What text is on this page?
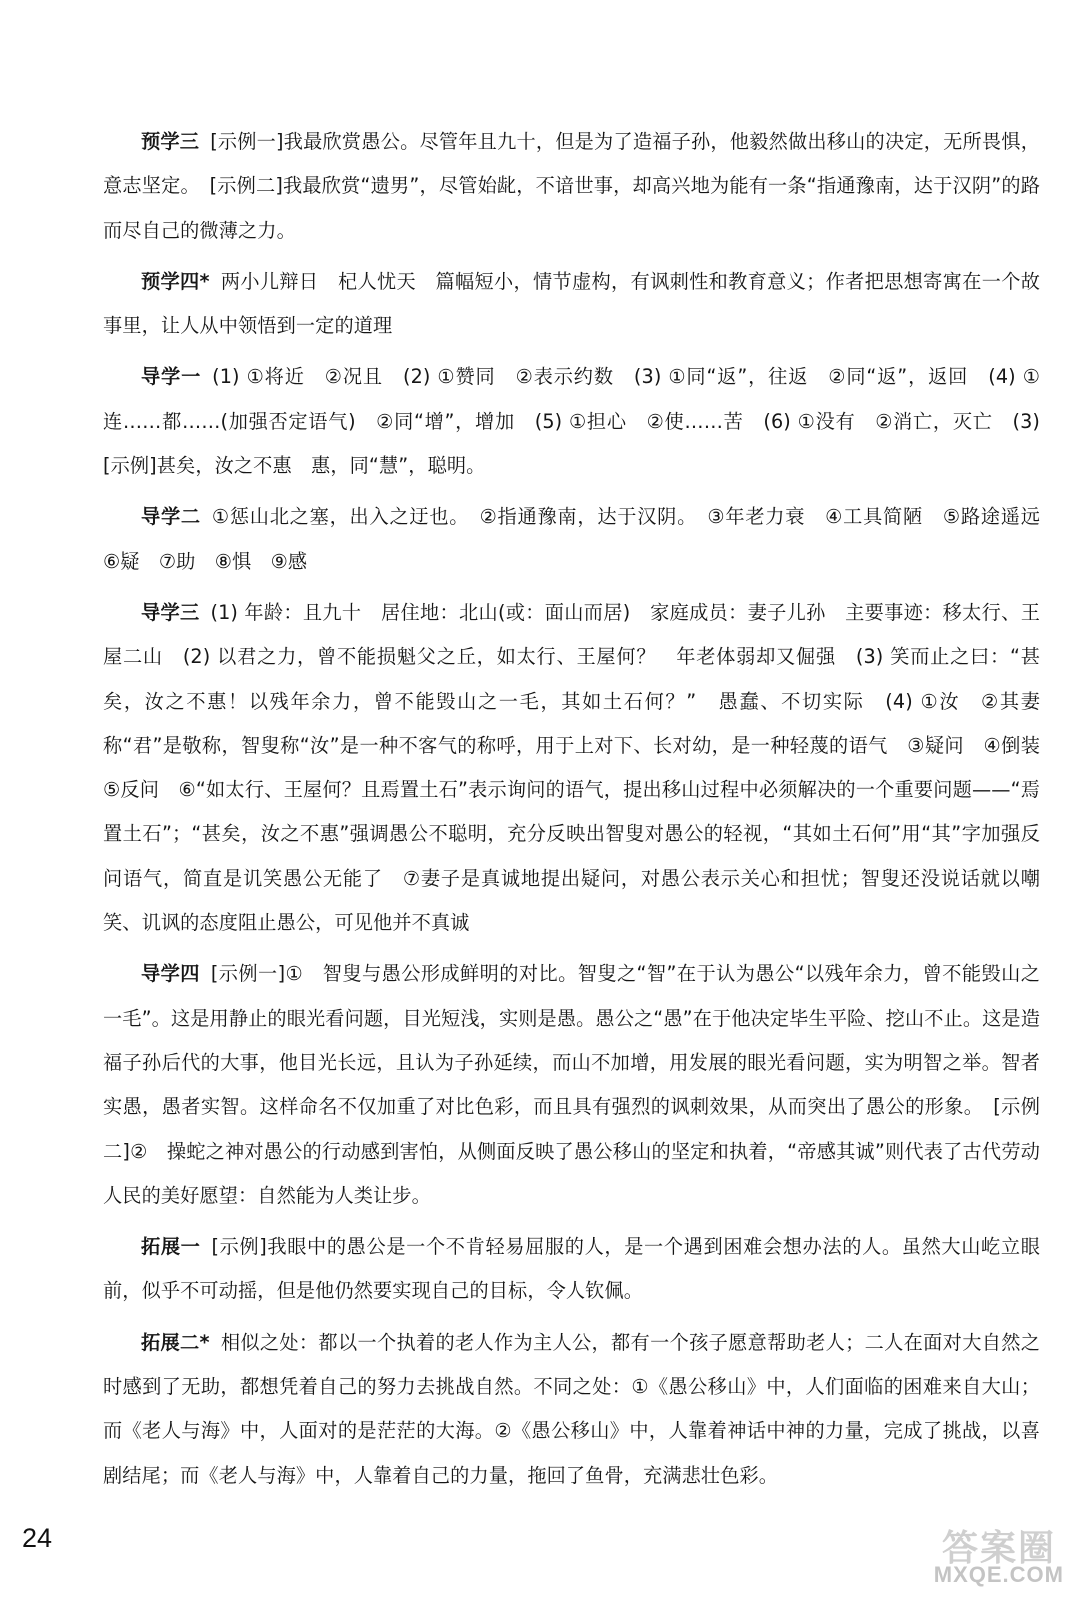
预学三 [示例一]我最欣赏愚公。尽管年且九十，但是为了造福子孙，他毅然做出移山的决定，无所畏惧，意志坚定。　[示例二]我最欣赏“遗男”，尽管始龀，不谙世事，却高兴地为能有一条“指通豫南，达于汉阴”的路而尽自己的微薄之力。

预学四* 两小儿辩日　杞人忧天　篇幅短小，情节虚构，有讽刺性和教育意义；作者把思想寄寓在一个故事里，让人从中领悟到一定的道理

导学一 (1) ①将近　②况且　(2) ①赞同　②表示约数　(3) ①同“返”，往返　②同“返”，返回　(4) ①连……都……(加强否定语气)　②同“增”，增加　(5) ①担心　②使……苦　(6) ①没有　②消亡，灭亡　(3)　[示例]甚矣，汝之不惠　惠，同“慧”，聪明。

导学二 ①惩山北之塞，出入之迂也。　②指通豫南，达于汉阴。　③年老力衰　④工具简陋　⑤路途遥远　⑥疑　⑦助　⑧惧　⑨感

导学三 (1) 年龄：且九十　居住地：北山(或：面山而居)　家庭成员：妻子儿孙　主要事迹：移太行、王屋二山　(2) 以君之力，曾不能损魁父之丘，如太行、王屋何？　年老体弱却又倔强　(3) 笑而止之曰：“甚矣，汝之不惠！以残年余力，曾不能毁山之一毛，其如土石何？”　愚蠢、不切实际　(4) ①汝　②其妻称“君”是敬称，智叟称“汝”是一种不客气的称呼，用于上对下、长对幼，是一种轻蔑的语气　③疑问　④倒装　⑤反问　⑥“如太行、王屋何？且焉置土石”表示询问的语气，提出移山过程中必须解决的一个重要问题——“焉置土石”；“甚矣，汝之不惠”强调愚公不聪明，充分反映出智叟对愚公的轻视，“其如土石何”用“其”字加强反问语气，简直是讥笑愚公无能了　⑦妻子是真诚地提出疑问，对愚公表示关心和担忧；智叟还没说话就以嘲笑、讥讽的态度阻止愚公，可见他并不真诚

导学四 [示例一]①　智叟与愚公形成鲜明的对比。智叟之“智”在于认为愚公“以残年余力，曾不能毁山之一毛”。这是用静止的眼光看问题，目光短浅，实则是愚。愚公之“愚”在于他决定毕生平险、挖山不止。这是造福子孙后代的大事，他目光长远，且认为子孙延续，而山不加增，用发展的眼光看问题，实为明智之举。智者实愚，愚者实智。这样命名不仅加重了对比色彩，而且具有强烈的讽刺效果，从而突出了愚公的形象。　[示例二]②　操蛇之神对愚公的行动感到害怕，从侧面反映了愚公移山的坚定和执着，“帝感其诚”则代表了古代劳动人民的美好愿望：自然能为人类让步。

拓展一 [示例]我眼中的愚公是一个不肯轻易屈服的人，是一个遇到困难会想办法的人。虽然大山屹立眼前，似乎不可动摇，但是他仍然要实现自己的目标，令人钦佩。

拓展二* 相似之处：都以一个执着的老人作为主人公，都有一个孩子愿意帮助老人；二人在面对大自然之时感到了无助，都想凭着自己的努力去挑战自然。不同之处：①《愚公移山》中，人们面临的困难来自大山；而《老人与海》中，人面对的是茫茫的大海。②《愚公移山》中，人靠着神话中神的力量，完成了挑战，以喜剧结尾；而《老人与海》中，人靠着自己的力量，拖回了鱼骨，充满悲壮色彩。

24	答案圈
MXQE.COM
